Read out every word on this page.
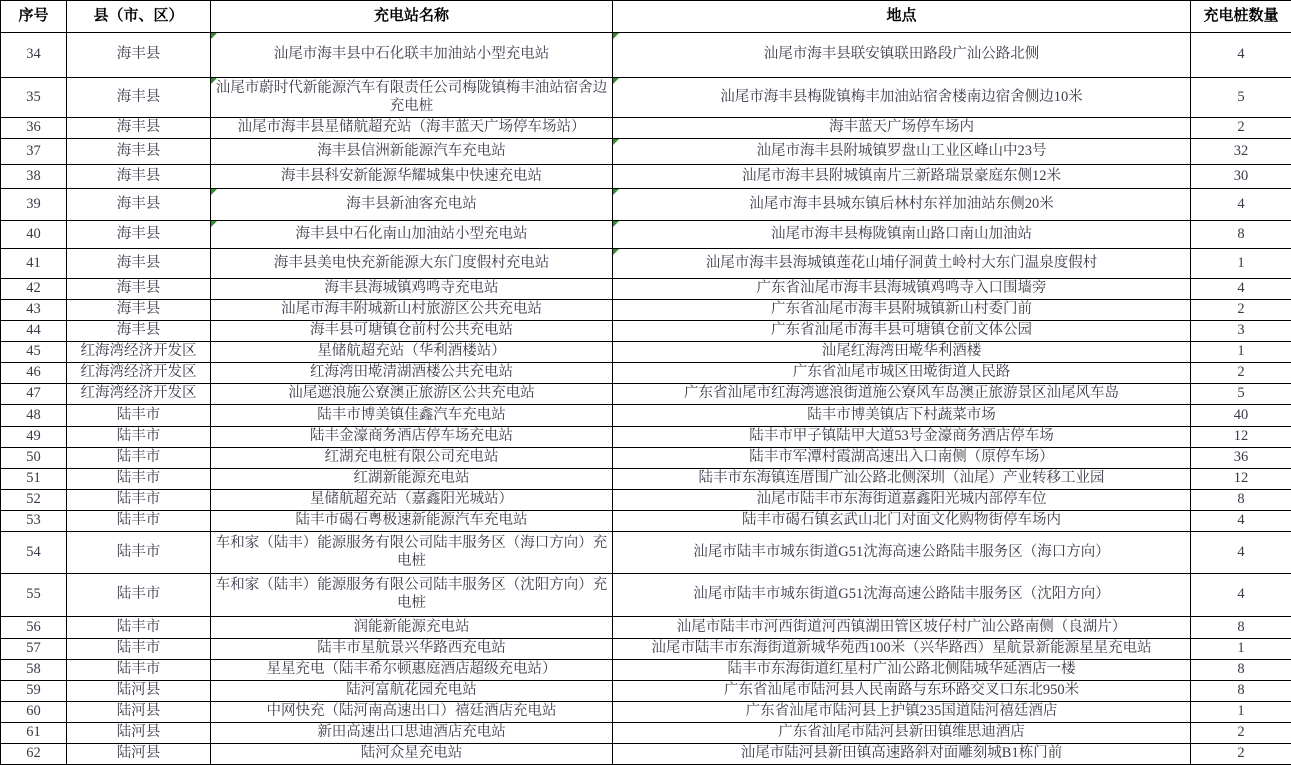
序号	县（市、区）	充电站名称	地点	充电桩数量
34	海丰县	汕尾市海丰县中石化联丰加油站小型充电站	汕尾市海丰县联安镇联田路段广汕公路北侧	4
35	海丰县	汕尾市蔚时代新能源汽车有限责任公司梅陇镇梅丰油站宿舍边充电桩	汕尾市海丰县梅陇镇梅丰加油站宿舍楼南边宿舍侧边10米	5
36	海丰县	汕尾市海丰县星储航超充站（海丰蓝天广场停车场站）	海丰蓝天广场停车场内	2
37	海丰县	海丰县信洲新能源汽车充电站	汕尾市海丰县附城镇罗盘山工业区峰山中23号	32
38	海丰县	海丰县科安新能源华耀城集中快速充电站	汕尾市海丰县附城镇南片三新路瑞景豪庭东侧12米	30
39	海丰县	海丰县新油客充电站	汕尾市海丰县城东镇后林村东祥加油站东侧20米	4
40	海丰县	海丰县中石化南山加油站小型充电站	汕尾市海丰县梅陇镇南山路口南山加油站	8
41	海丰县	海丰县美电快充新能源大东门度假村充电站	汕尾市海丰县海城镇莲花山埔仔洞黄土岭村大东门温泉度假村	1
42	海丰县	海丰县海城镇鸡鸣寺充电站	广东省汕尾市海丰县海城镇鸡鸣寺入口围墙旁	4
43	海丰县	汕尾市海丰附城新山村旅游区公共充电站	广东省汕尾市海丰县附城镇新山村委门前	2
44	海丰县	海丰县可塘镇仓前村公共充电站	广东省汕尾市海丰县可塘镇仓前文体公园	3
45	红海湾经济开发区	星储航超充站（华利酒楼站）	汕尾红海湾田墘华利酒楼	1
46	红海湾经济开发区	红海湾田墘清湖酒楼公共充电站	广东省汕尾市城区田墘街道人民路	2
47	红海湾经济开发区	汕尾遮浪施公寮澳正旅游区公共充电站	广东省汕尾市红海湾遮浪街道施公寮风车岛澳正旅游景区汕尾风车岛	5
48	陆丰市	陆丰市博美镇佳鑫汽车充电站	陆丰市博美镇店下村蔬菜市场	40
49	陆丰市	陆丰金濠商务酒店停车场充电站	陆丰市甲子镇陆甲大道53号金濠商务酒店停车场	12
50	陆丰市	红湖充电桩有限公司充电站	陆丰市军潭村霞湖高速出入口南侧（原停车场）	36
51	陆丰市	红湖新能源充电站	陆丰市东海镇连厝围广汕公路北侧深圳（汕尾）产业转移工业园	12
52	陆丰市	星储航超充站（嘉鑫阳光城站）	汕尾市陆丰市东海街道嘉鑫阳光城内部停车位	8
53	陆丰市	陆丰市碣石粤极速新能源汽车充电站	陆丰市碣石镇玄武山北门对面文化购物街停车场内	4
54	陆丰市	车和家（陆丰）能源服务有限公司陆丰服务区（海口方向）充电桩	汕尾市陆丰市城东街道G51沈海高速公路陆丰服务区（海口方向）	4
55	陆丰市	车和家（陆丰）能源服务有限公司陆丰服务区（沈阳方向）充电桩	汕尾市陆丰市城东街道G51沈海高速公路陆丰服务区（沈阳方向）	4
56	陆丰市	润能新能源充电站	汕尾市陆丰市河西街道河西镇湖田管区坡仔村广汕公路南侧（良湖片）	8
57	陆丰市	陆丰市星航景兴华路西充电站	汕尾市陆丰市东海街道新城华苑西100米（兴华路西）星航景新能源星星充电站	1
58	陆丰市	星星充电（陆丰希尔顿惠庭酒店超级充电站）	陆丰市东海街道红星村广汕公路北侧陆城华延酒店一楼	8
59	陆河县	陆河富航花园充电站	广东省汕尾市陆河县人民南路与东环路交叉口东北950米	8
60	陆河县	中网快充（陆河南高速出口）禧廷酒店充电站	广东省汕尾市陆河县上护镇235国道陆河禧廷酒店	1
61	陆河县	新田高速出口思迪酒店充电站	广东省汕尾市陆河县新田镇维思迪酒店	2
62	陆河县	陆河众星充电站	汕尾市陆河县新田镇高速路斜对面雕刻城B1栋门前	2
